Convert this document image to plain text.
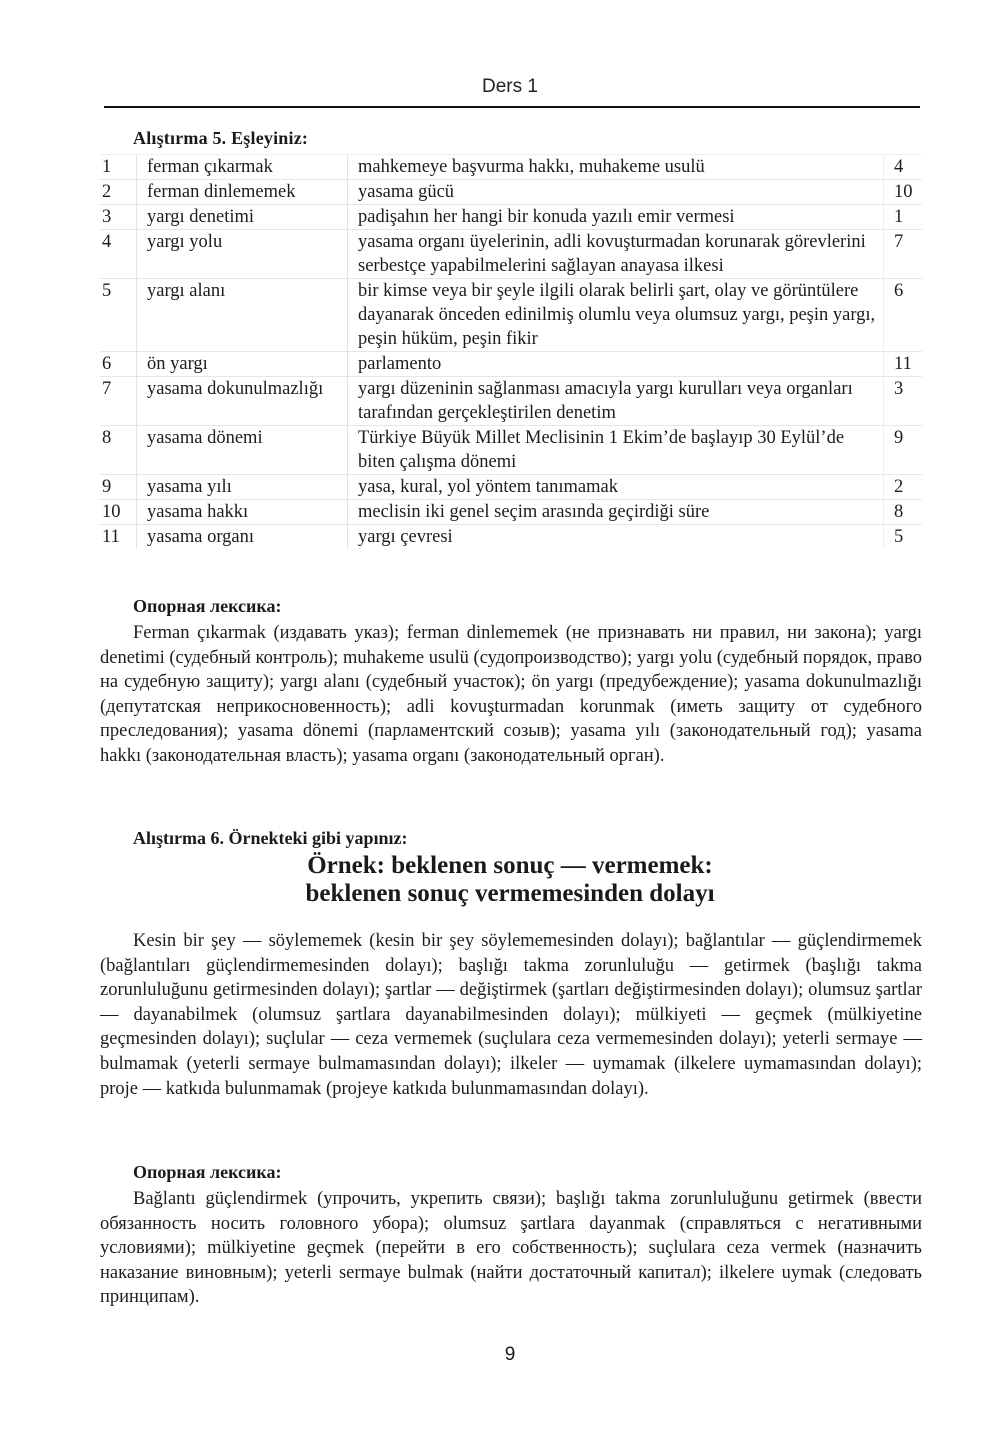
Ders 1
Alıştırma 5. Eşleyiniz:
1	ferman çıkarmak	mahkemeye başvurma hakkı, muhakeme usulü	4
2	ferman dinlememek	yasama gücü	10
3	yargı denetimi	padişahın her hangi bir konuda yazılı emir vermesi	1
4	yargı yolu	yasama organı üyelerinin, adli kovuşturmadan korunarak görevlerini serbestçe yapabilmelerini sağlayan anayasa ilkesi	7
5	yargı alanı	bir kimse veya bir şeyle ilgili olarak belirli şart, olay ve görüntülere dayanarak önceden edinilmiş olumlu veya olumsuz yargı, peşin yargı, peşin hüküm, peşin fikir	6
6	ön yargı	parlamento	11
7	yasama dokunulmazlığı	yargı düzeninin sağlanması amacıyla yargı kurulları veya organları tarafından gerçekleştirilen denetim	3
8	yasama dönemi	Türkiye Büyük Millet Meclisinin 1 Ekim’de başlayıp 30 Eylül’de biten çalışma dönemi	9
9	yasama yılı	yasa, kural, yol yöntem tanımamak	2
10	yasama hakkı	meclisin iki genel seçim arasında geçirdiği süre	8
11	yasama organı	yargı çevresi	5
Опорная лексика:
Ferman çıkarmak (издавать указ); ferman dinlememek (не признавать ни правил, ни закона); yargı denetimi (судебный контроль); muhakeme usulü (судопроизводство); yargı yolu (судебный порядок, право на судебную защиту); yargı alanı (судебный участок); ön yargı (предубеждение); yasama dokunulmazlığı (депутатская неприкосновенность); adli kovuşturmadan korunmak (иметь защиту от судебного преследования); yasama dönemi (парламентский созыв); yasama yılı (законодательный год); yasama hakkı (законодательная власть); yasama organı (законодательный орган).
Alıştırma 6. Örnekteki gibi yapınız:
Örnek: beklenen sonuç — vermemek:
beklenen sonuç vermemesinden dolayı
Kesin bir şey — söylememek (kesin bir şey söylememesinden dolayı); bağlantılar — güçlendirmemek (bağlantıları güçlendirmemesinden dolayı); başlığı takma zorunluluğu — getirmek (başlığı takma zorunluluğunu getirmesinden dolayı); şartlar — değiştirmek (şartları değiştirmesinden dolayı); olumsuz şartlar — dayanabilmek (olumsuz şartlara dayanabilmesinden dolayı); mülkiyeti — geçmek (mülkiyetine geçmesinden dolayı); suçlular — ceza vermemek (suçlulara ceza vermemesinden dolayı); yeterli sermaye — bulmamak (yeterli sermaye bulmamasından dolayı); ilkeler — uymamak (ilkelere uymamasından dolayı); proje — katkıda bulunmamak (projeye katkıda bulunmamasından dolayı).
Опорная лексика:
Bağlantı güçlendirmek (упрочить, укрепить связи); başlığı takma zorunluluğunu getirmek (ввести обязанность носить головного убора); olumsuz şartlara dayanmak (справляться с негативными условиями); mülkiyetine geçmek (перейти в его собственность); suçlulara ceza vermek (назначить наказание виновным); yeterli sermaye bulmak (найти достаточный капитал); ilkelere uymak (следовать принципам).
9
